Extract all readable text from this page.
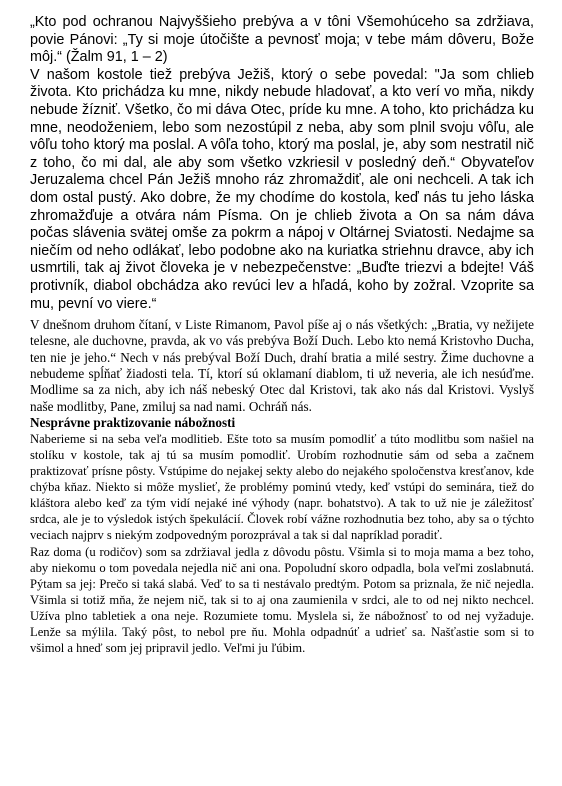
„Kto pod ochranou Najvyššieho prebýva a v tôni Všemohúceho sa zdržiava, povie Pánovi: „Ty si moje útočište a pevnosť moja; v tebe mám dôveru, Bože môj.“ (Žalm 91, 1 – 2)

V našom kostole tiež prebýva Ježiš, ktorý o sebe povedal: "Ja som chlieb života. Kto prichádza ku mne, nikdy nebude hladovať, a kto verí vo mňa, nikdy nebude žízniť. Všetko, čo mi dáva Otec, príde ku mne. A toho, kto prichádza ku mne, neodoženiem, lebo som nezostúpil z neba, aby som plnil svoju vôľu, ale vôľu toho ktorý ma poslal. A vôľa toho, ktorý ma poslal, je, aby som nestratil nič z toho, čo mi dal, ale aby som všetko vzkriesil v posledný deň.“ Obyvateľov Jeruzalema chcel Pán Ježiš mnoho ráz zhromaždiť, ale oni nechceli. A tak ich dom ostal pustý. Ako dobre, že my chodíme do kostola, keď nás tu jeho láska zhromažďuje a otvára nám Písma. On je chlieb života a On sa nám dáva počas slávenia svätej omše za pokrm a nápoj v Oltárnej Sviatosti. Nedajme sa niečím od neho odlákať, lebo podobne ako na kuriatka striehnu dravce, aby ich usmrtili, tak aj život človeka je v nebezpečenstve: „Buďte triezvi a bdejte! Váš protivník, diabol obchádza ako revúci lev a hľadá, koho by zožral. Vzoprite sa mu, pevní vo viere.“

V dnešnom druhom čítaní, v Liste Rimanom, Pavol píše aj o nás všetkých: „Bratia, vy nežijete telesne, ale duchovne, pravda, ak vo vás prebýva Boží Duch. Lebo kto nemá Kristovho Ducha, ten nie je jeho.“ Nech v nás prebýval Boží Duch, drahí bratia a milé sestry. Žime duchovne a nebudeme spĺňať žiadosti tela. Tí, ktorí sú oklamaní diablom, ti už neveria, ale ich nesúďme. Modlime sa za nich, aby ich náš nebeský Otec dal Kristovi, tak ako nás dal Kristovi. Vyslyš naše modlitby, Pane, zmiluj sa nad nami. Ochráň nás.

Nesprávne praktizovanie nábožnosti

Naberieme si na seba veľa modlitieb. Ešte toto sa musím pomodliť a túto modlitbu som našiel na stolíku v kostole, tak aj tú sa musím pomodliť. Urobím rozhodnutie sám od seba a začnem praktizovať prísne pôsty. Vstúpime do nejakej sekty alebo do nejakého spoločenstva kresťanov, kde chýba kňaz. Niekto si môže myslieť, že problémy pominú vtedy, keď vstúpi do seminára, tiež do kláštora alebo keď za tým vidí nejaké iné výhody (napr. bohatstvo). A tak to už nie je záležitosť srdca, ale je to výsledok istých špekulácií. Človek robí vážne rozhodnutia bez toho, aby sa o týchto veciach najprv s niekým zodpovedným porozprával a tak si dal napríklad poradiť.

Raz doma (u rodičov) som sa zdržiaval jedla z dôvodu pôstu. Všimla si to moja mama a bez toho, aby niekomu o tom povedala nejedla nič ani ona. Popoludní skoro odpadla, bola veľmi zoslabnutá. Pýtam sa jej: Prečo si taká slabá. Veď to sa ti nestávalo predtým. Potom sa priznala, že nič nejedla. Všimla si totiž mňa, že nejem nič, tak si to aj ona zaumienila v srdci, ale to od nej nikto nechcel. Užíva plno tabletiek a ona neje. Rozumiete tomu. Myslela si, že nábožnosť to od nej vyžaduje. Lenže sa mýlila. Taký pôst, to nebol pre ňu. Mohla odpadnúť a udrieť sa. Našťastie som si to všimol a hneď som jej pripravil jedlo. Veľmi ju ľúbim.
